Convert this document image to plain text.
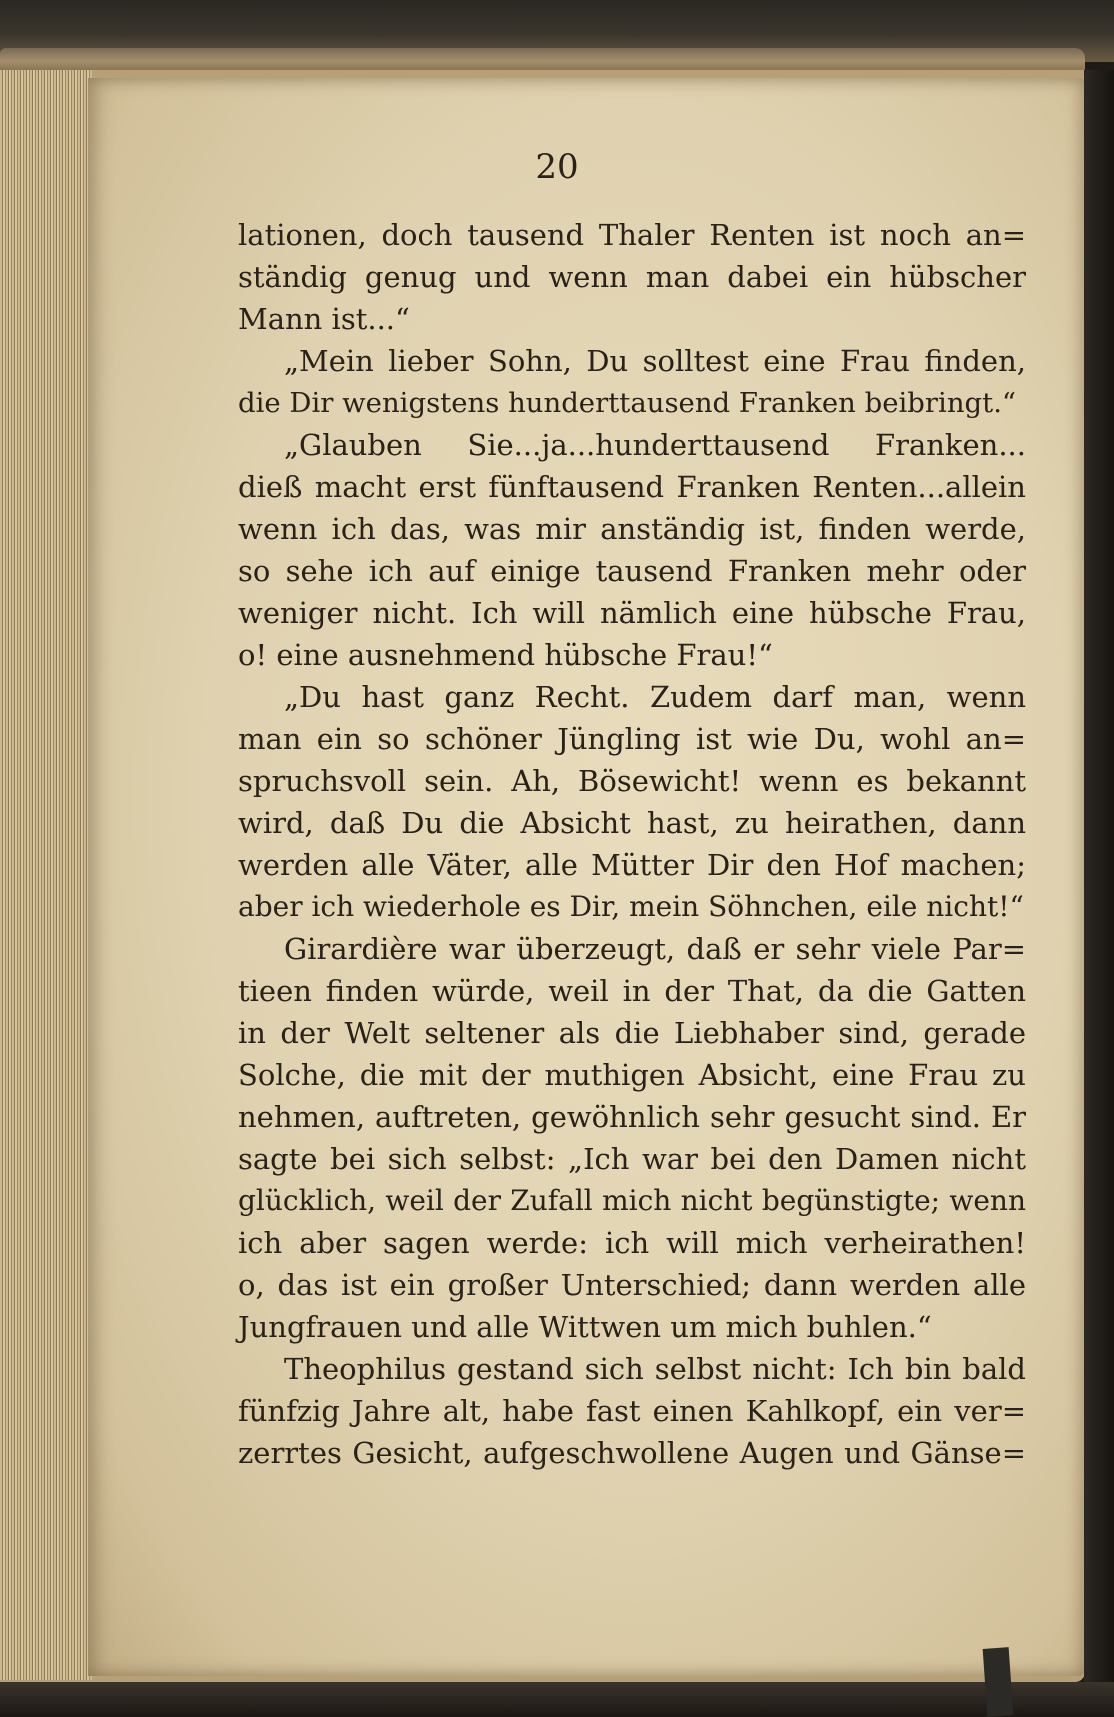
20
lationen, doch tausend Thaler Renten ist noch an=
ständig genug und wenn man dabei ein hübscher
Mann ist...“
„Mein lieber Sohn, Du solltest eine Frau finden,
die Dir wenigstens hunderttausend Franken beibringt.“
„Glauben Sie...ja...hunderttausend Franken...
dieß macht erst fünftausend Franken Renten...allein
wenn ich das, was mir anständig ist, finden werde,
so sehe ich auf einige tausend Franken mehr oder
weniger nicht. Ich will nämlich eine hübsche Frau,
o! eine ausnehmend hübsche Frau!“
„Du hast ganz Recht. Zudem darf man, wenn
man ein so schöner Jüngling ist wie Du, wohl an=
spruchsvoll sein. Ah, Bösewicht! wenn es bekannt
wird, daß Du die Absicht hast, zu heirathen, dann
werden alle Väter, alle Mütter Dir den Hof machen;
aber ich wiederhole es Dir, mein Söhnchen, eile nicht!“
Girardière war überzeugt, daß er sehr viele Par=
tieen finden würde, weil in der That, da die Gatten
in der Welt seltener als die Liebhaber sind, gerade
Solche, die mit der muthigen Absicht, eine Frau zu
nehmen, auftreten, gewöhnlich sehr gesucht sind. Er
sagte bei sich selbst: „Ich war bei den Damen nicht
glücklich, weil der Zufall mich nicht begünstigte; wenn
ich aber sagen werde: ich will mich verheirathen!
o, das ist ein großer Unterschied; dann werden alle
Jungfrauen und alle Wittwen um mich buhlen.“
Theophilus gestand sich selbst nicht: Ich bin bald
fünfzig Jahre alt, habe fast einen Kahlkopf, ein ver=
zerrtes Gesicht, aufgeschwollene Augen und Gänse=
